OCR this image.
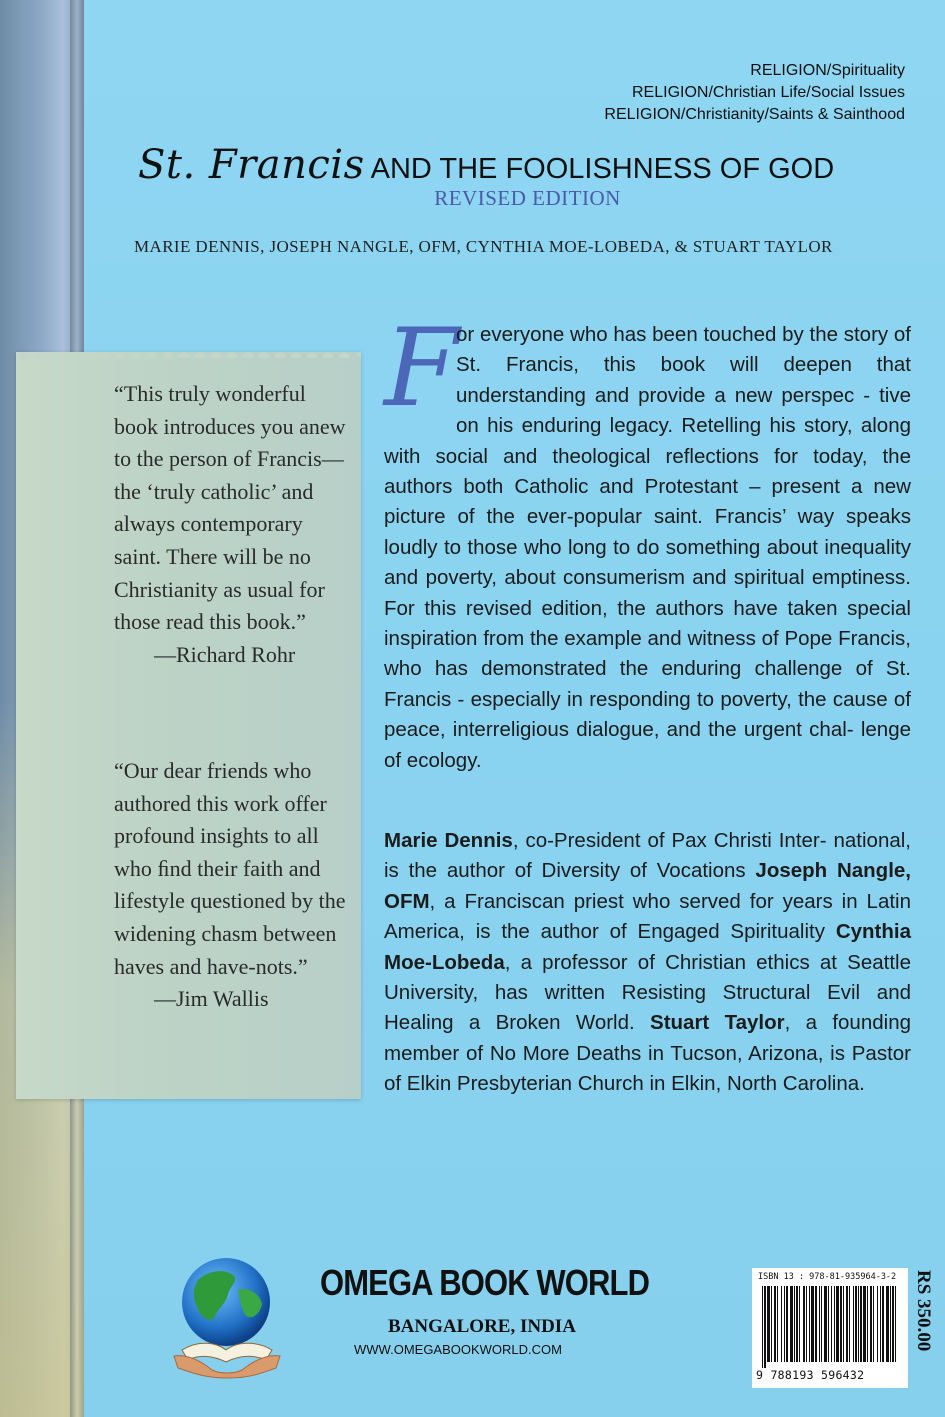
RELIGION/Spirituality
RELIGION/Christian Life/Social Issues
RELIGION/Christianity/Saints & Sainthood
St. Francis AND THE FOOLISHNESS OF GOD
REVISED EDITION
MARIE DENNIS, JOSEPH NANGLE, OFM, CYNTHIA MOE-LOBEDA, & STUART TAYLOR
“This truly wonderful book introduces you anew to the person of Francis—the ‘truly catholic’ and always contemporary saint. There will be no Christianity as usual for those read this book.”
—Richard Rohr
“Our dear friends who authored this work offer profound insights to all who ﬁnd their faith and lifestyle questioned by the widening chasm between haves and have-nots.”
—Jim Wallis
F
or everyone who has been touched by the story of St. Francis, this book will deepen that understanding and provide a new perspec - tive on his enduring legacy. Retelling his story, along with social and theological reflections for today, the authors both Catholic and Protestant – present a new picture of the ever-popular saint. Francis’ way speaks loudly to those who long to do something about inequality and poverty, about consumerism and spiritual emptiness. For this revised edition, the authors have taken special inspiration from the example and witness of Pope Francis, who has demonstrated the enduring challenge of St. Francis - especially in responding to poverty, the cause of peace, interreligious dialogue, and the urgent chal- lenge of ecology.
Marie Dennis, co-President of Pax Christi Inter- national, is the author of Diversity of Vocations Joseph Nangle, OFM, a Franciscan priest who served for years in Latin America, is the author of Engaged Spirituality Cynthia Moe-Lobeda, a professor of Christian ethics at Seattle University, has written Resisting Structural Evil and Healing a Broken World. Stuart Taylor, a founding member of No More Deaths in Tucson, Arizona, is Pastor of Elkin Presbyterian Church in Elkin, North Carolina.
OMEGA BOOK WORLD
BANGALORE, INDIA
WWW.OMEGABOOKWORLD.COM
ISBN 13 : 978-81-935964-3-2
9 788193 596432
RS 350.00
